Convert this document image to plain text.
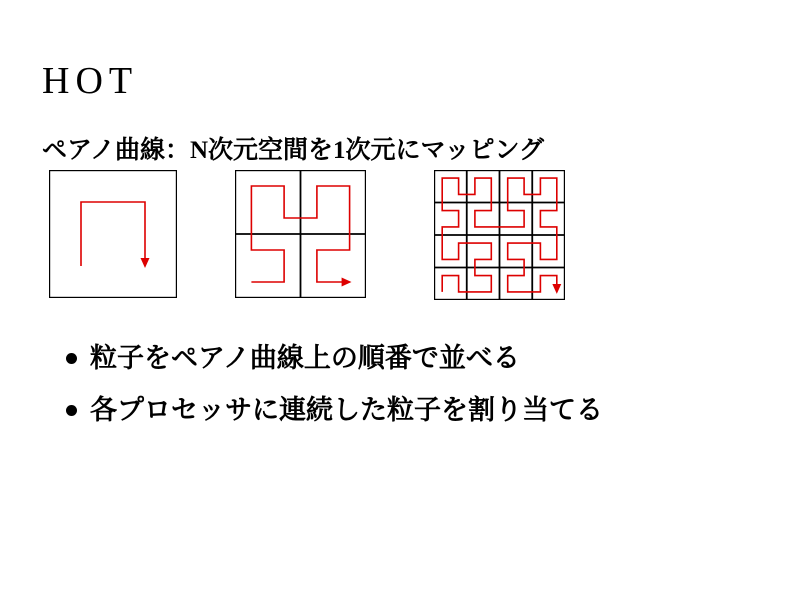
HOT
ペアノ曲線：N次元空間を1次元にマッピング
粒子をペアノ曲線上の順番で並べる
各プロセッサに連続した粒子を割り当てる
